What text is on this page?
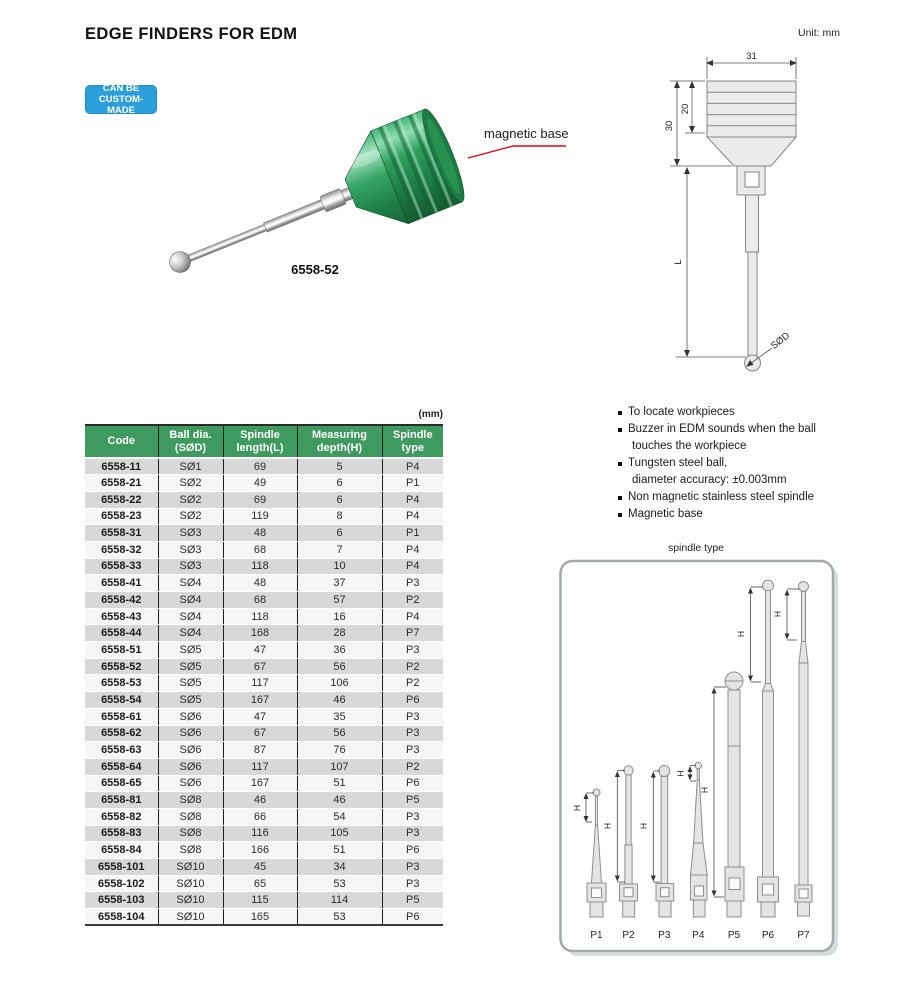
EDGE FINDERS FOR EDM	Unit: mm
CAN BE
CUSTOM-MADE
magnetic base
6558-52
31
30
20
L
SØD
To locate workpieces
Buzzer in EDM sounds when the ball
touches the workpiece
Tungsten steel ball,
diameter accuracy: ±0.003mm
Non magnetic stainless steel spindle
Magnetic base
(mm)
Code

Ball dia.
(SØD)

Spindle
length(L)

Measuring
depth(H)

Spindle
type

6558-11	SØ1	69	5	P4
6558-21	SØ2	49	6	P1
6558-22	SØ2	69	6	P4
6558-23	SØ2	119	8	P4
6558-31	SØ3	48	6	P1
6558-32	SØ3	68	7	P4
6558-33	SØ3	118	10	P4
6558-41	SØ4	48	37	P3
6558-42	SØ4	68	57	P2
6558-43	SØ4	118	16	P4
6558-44	SØ4	168	28	P7
6558-51	SØ5	47	36	P3
6558-52	SØ5	67	56	P2
6558-53	SØ5	117	106	P2
6558-54	SØ5	167	46	P6
6558-61	SØ6	47	35	P3
6558-62	SØ6	67	56	P3
6558-63	SØ6	87	76	P3
6558-64	SØ6	117	107	P2
6558-65	SØ6	167	51	P6
6558-81	SØ8	46	46	P5
6558-82	SØ8	66	54	P3
6558-83	SØ8	116	105	P3
6558-84	SØ8	166	51	P6
6558-101	SØ10	45	34	P3
6558-102	SØ10	65	53	P3
6558-103	SØ10	115	114	P5
6558-104	SØ10	165	53	P6
spindle type
H
H	H
H
H
H
H
P1 P2 P3 P4 P5 P6 P7
